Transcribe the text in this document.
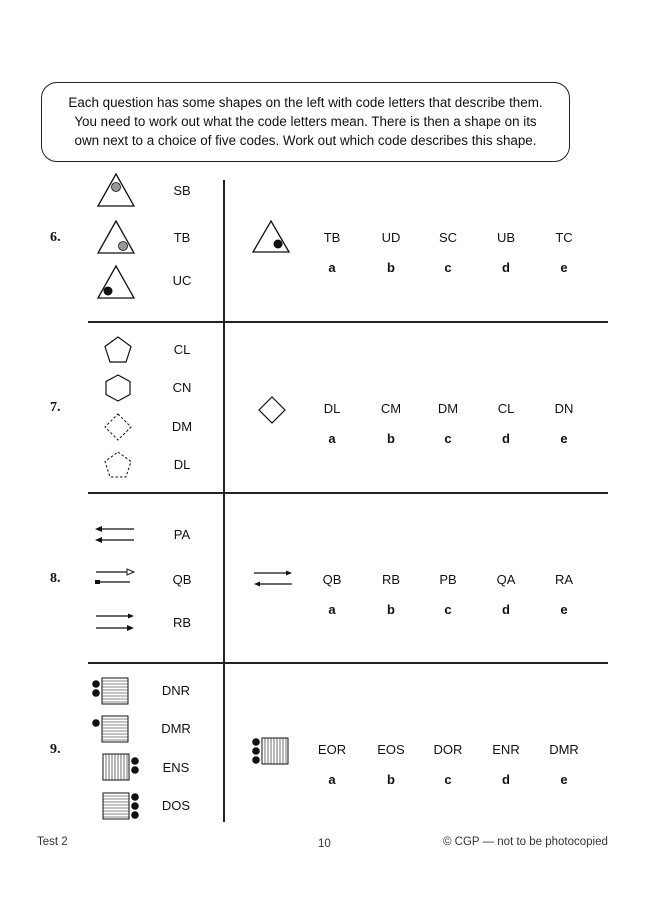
Each question has some shapes on the left with code letters that describe them.
You need to work out what the code letters mean. There is then a shape on its
own next to a choice of five codes. Work out which code describes this shape.
6.
SB
TB
UC
TB	UD	SC	UB	TC
a	b	c	d	e
7.
CL
CN
DM
DL
DL	CM	DM	CL	DN
a	b	c	d	e
8.
PA
QB
RB
QB	RB	PB	QA	RA
a	b	c	d	e
9.
DNR
DMR
ENS
DOS
EOR	EOS	DOR	ENR	DMR
a	b	c	d	e
Test 2	10	© CGP — not to be photocopied
